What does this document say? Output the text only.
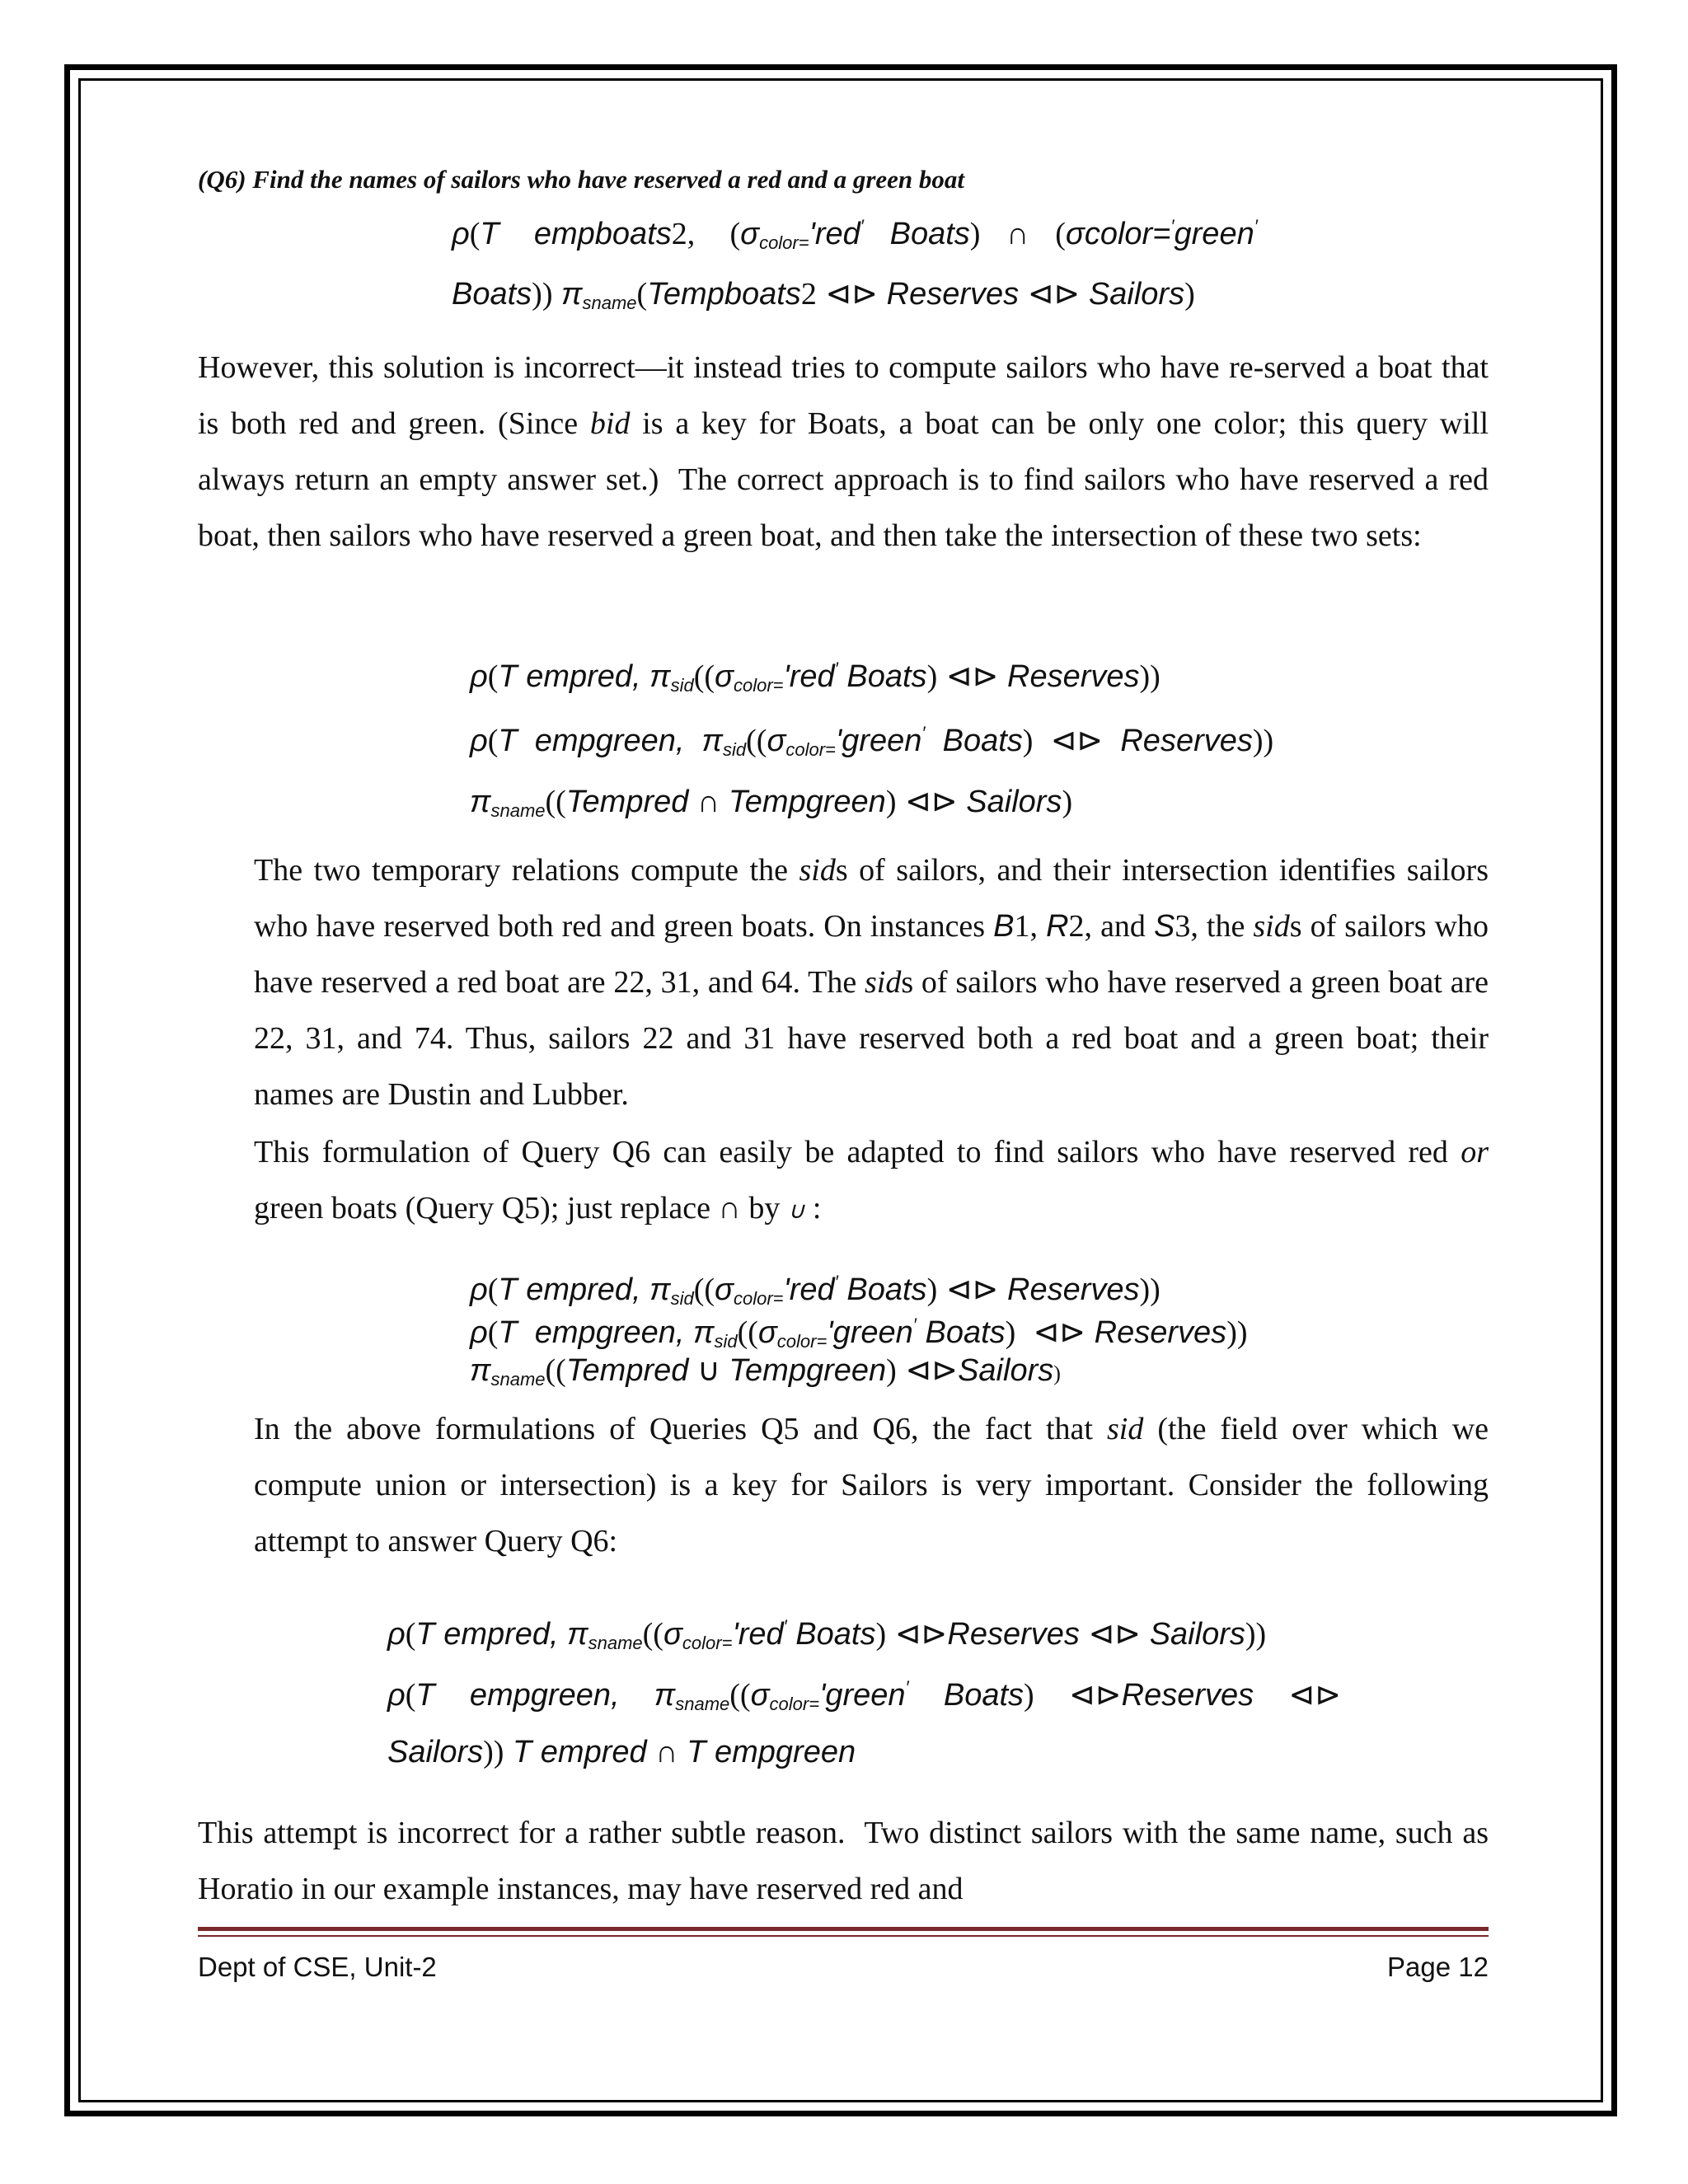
(Q6) Find the names of sailors who have reserved a red and a green boat
ρ(T    empboats2, ($\sigma_{color=}'red'$   Boats) ∩ (σcolor=′green′
Boats)) $\pi_{sname}(Tempboats2$ ⊲⊳ Reserves ⊲⊳ Sailors)
However, this solution is incorrect—it instead tries to compute sailors who have re-served a boat that is both red and green. (Since bid is a key for Boats, a boat can be only one color; this query will always return an empty answer set.)  The correct approach is to find sailors who have reserved a red boat, then sailors who have reserved a green boat, and then take the intersection of these two sets:
ρ(T empred, $\pi_{sid}((\sigma_{color=}'red'$ Boats) ⊲⊳ Reserves))
ρ(T  empgreen,  $\pi_{sid}((\sigma_{color=}'green'$  Boats) ⊲⊳  Reserves))
$\pi_{sname}((Tempred$ ∩ Tempgreen) ⊲⊳ Sailors)
The two temporary relations compute the sids of sailors, and their intersection identifies sailors who have reserved both red and green boats. On instances B1, R2, and S3, the sids of sailors who have reserved a red boat are 22, 31, and 64. The sids of sailors who have reserved a green boat are 22, 31, and 74. Thus, sailors 22 and 31 have reserved both a red boat and a green boat; their names are Dustin and Lubber.
This formulation of Query Q6 can easily be adapted to find sailors who have reserved red or green boats (Query Q5); just replace ∩ by ∪ :
ρ(T empred, $\pi_{sid}((\sigma_{color=}'red'$ Boats) ⊲⊳ Reserves))
ρ(T  empgreen, $\pi_{sid}((\sigma_{color=}'green'$ Boats) ⊲⊳ Reserves))
$\pi_{sname}((Tempred$ ∪ Tempgreen) ⊲⊳Sailors)
In the above formulations of Queries Q5 and Q6, the fact that sid (the field over which we compute union or intersection) is a key for Sailors is very important. Consider the following attempt to answer Query Q6:
ρ(T empred, $\pi_{sname}((\sigma_{color=}'red'$ Boats) ⊲⊳Reserves ⊲⊳ Sailors))
ρ(T    empgreen,    $\pi_{sname}((\sigma_{color=}'green'$    Boats) ⊲⊳Reserves    ⊲⊳
Sailors)) T empred ∩ T empgreen
This attempt is incorrect for a rather subtle reason.  Two distinct sailors with the same name, such as Horatio in our example instances, may have reserved red and
Dept of CSE, Unit-2	Page 12
